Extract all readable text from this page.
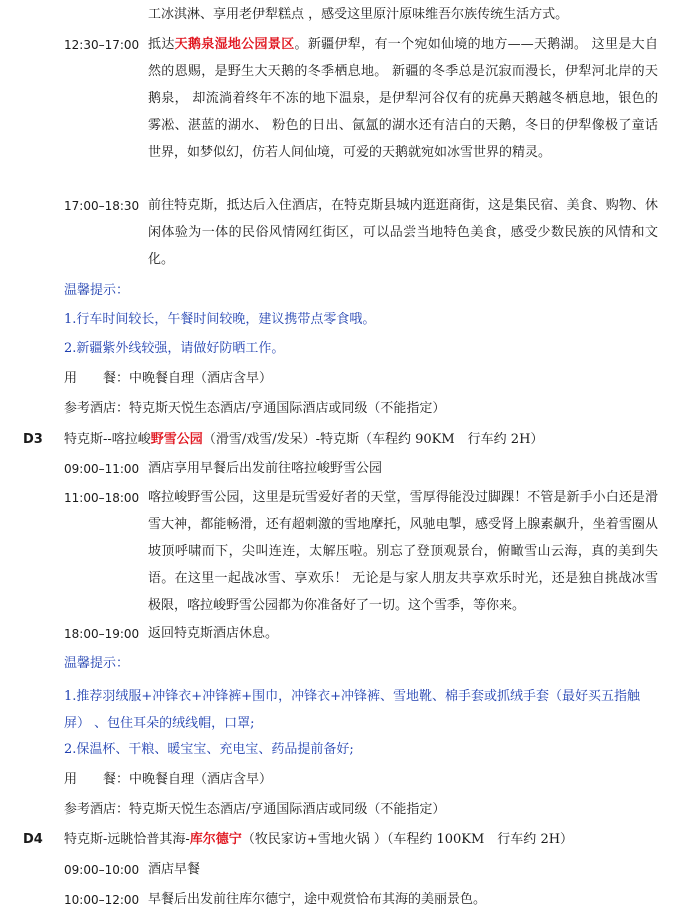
工冰淇淋、享用老伊犁糕点 ，感受这里原汁原味维吾尔族传统生活方式。
12:30–17:00 抵达天鹅泉湿地公园景区。新疆伊犁，有一个宛如仙境的地方——天鹅湖。 这里是大自然的恩赐，是野生大天鹅的冬季栖息地。 新疆的冬季总是沉寂而漫长，伊犁河北岸的天鹅泉， 却流淌着终年不冻的地下温泉，是伊犁河谷仅有的疣鼻天鹅越冬栖息地，银色的雾凇、湛蓝的湖水、 粉色的日出、氤氲的湖水还有洁白的天鹅，冬日的伊犁像极了童话世界，如梦似幻，仿若人间仙境，可爱的天鹅就宛如冰雪世界的精灵。
17:00–18:30 前往特克斯，抵达后入住酒店，在特克斯县城内逛逛商街，这是集民宿、美食、购物、休闲体验为一体的民俗风情网红街区，可以品尝当地特色美食，感受少数民族的风情和文化。
温馨提示：
1.行车时间较长，午餐时间较晚，建议携带点零食哦。
2.新疆紫外线较强，请做好防晒工作。
用　　餐：中晚餐自理（酒店含早）
参考酒店：特克斯天悦生态酒店/亨通国际酒店或同级（不能指定）
D3 特克斯--喀拉峻野雪公园（滑雪/戏雪/发呆）-特克斯（车程约 90KM　行车约 2H）
09:00–11:00 酒店享用早餐后出发前往喀拉峻野雪公园
11:00–18:00 喀拉峻野雪公园，这里是玩雪爱好者的天堂，雪厚得能没过脚踝！不管是新手小白还是滑雪大神，都能畅滑，还有超刺激的雪地摩托，风驰电掣，感受肾上腺素飙升，坐着雪圈从坡顶呼啸而下，尖叫连连，太解压啦。别忘了登顶观景台，俯瞰雪山云海，真的美到失语。在这里一起战冰雪、享欢乐！ 无论是与家人朋友共享欢乐时光，还是独自挑战冰雪极限，喀拉峻野雪公园都为你准备好了一切。这个雪季，等你来。
18:00–19:00 返回特克斯酒店休息。
温馨提示：
1.推荐羽绒服+冲锋衣+冲锋裤+围巾，冲锋衣+冲锋裤、雪地靴、棉手套或抓绒手套（最好买五指触屏） 、包住耳朵的绒线帽，口罩;
2.保温杯、干粮、暖宝宝、充电宝、药品提前备好;
用　　餐：中晚餐自理（酒店含早）
参考酒店：特克斯天悦生态酒店/亨通国际酒店或同级（不能指定）
D4 特克斯-远眺恰普其海-库尔德宁（牧民家访+雪地火锅 ）（车程约 100KM　行车约 2H）
09:00–10:00 酒店早餐
10:00–12:00 早餐后出发前往库尔德宁，途中观赏恰布其海的美丽景色。
